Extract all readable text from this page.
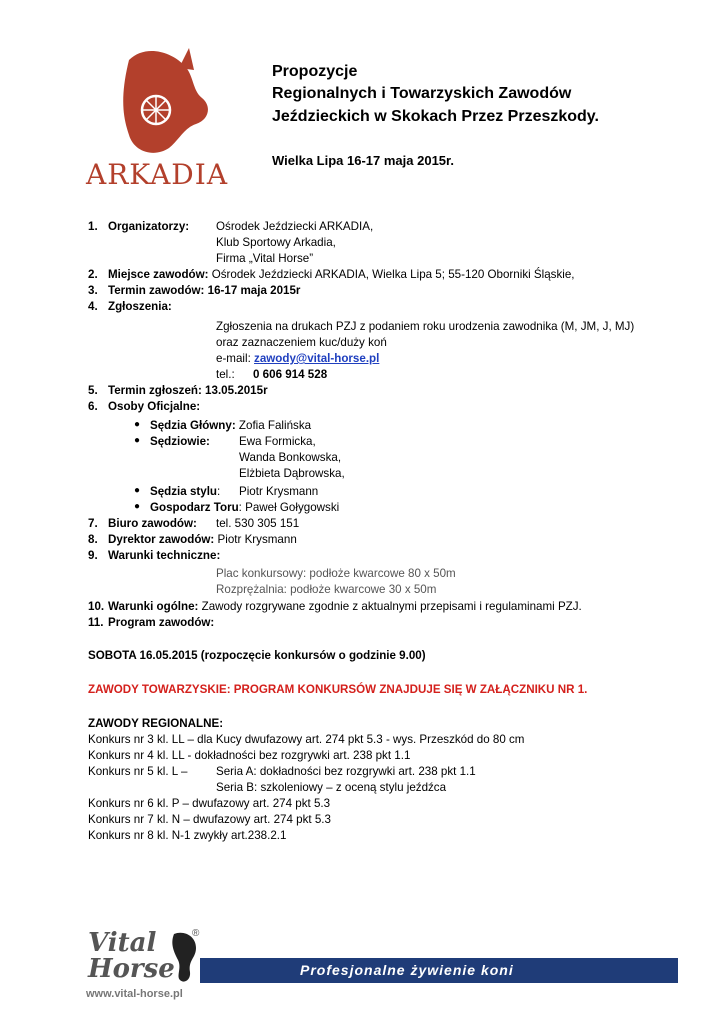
ARKADIA
Propozycje
Regionalnych i Towarzyskich Zawodów
Jeździeckich w Skokach Przez Przeszkody.
Wielka Lipa 16-17 maja 2015r.
1. Organizatorzy: Ośrodek Jeździecki ARKADIA,
Klub Sportowy Arkadia,
Firma „Vital Horse”
2. Miejsce zawodów: Ośrodek Jeździecki ARKADIA, Wielka Lipa 5; 55-120 Oborniki Śląskie,
3. Termin zawodów: 16-17 maja 2015r
4. Zgłoszenia:
Zgłoszenia na drukach PZJ z podaniem roku urodzenia zawodnika (M, JM, J, MJ)
oraz zaznaczeniem kuc/duży koń
e-mail: zawody@vital-horse.pl
tel.: 0 606 914 528
5. Termin zgłoszeń: 13.05.2015r
6. Osoby Oficjalne:
● Sędzia Główny: Zofia Falińska
● Sędziowie:	Ewa Formicka,
Wanda Bonkowska,
Elżbieta Dąbrowska,
● Sędzia stylu: Piotr Krysmann
● Gospodarz Toru: Paweł Gołygowski
7. Biuro zawodów: tel. 530 305 151
8. Dyrektor zawodów: Piotr Krysmann
9. Warunki techniczne:
Plac konkursowy: podłoże kwarcowe 80 x 50m
Rozprężalnia: podłoże kwarcowe 30 x 50m
10. Warunki ogólne: Zawody rozgrywane zgodnie z aktualnymi przepisami i regulaminami PZJ.
11. Program zawodów:
SOBOTA 16.05.2015 (rozpoczęcie konkursów o godzinie 9.00)
ZAWODY TOWARZYSKIE: PROGRAM KONKURSÓW ZNAJDUJE SIĘ W ZAŁĄCZNIKU NR 1.
ZAWODY REGIONALNE:
Konkurs nr 3 kl. LL – dla Kucy dwufazowy art. 274 pkt 5.3 - wys. Przeszkód do 80 cm
Konkurs nr 4 kl. LL - dokładności bez rozgrywki art. 238 pkt 1.1
Konkurs nr 5 kl. L – Seria A: dokładności bez rozgrywki art. 238 pkt 1.1
Seria B: szkoleniowy – z oceną stylu jeźdźca
Konkurs nr 6 kl. P – dwufazowy art. 274 pkt 5.3
Konkurs nr 7 kl. N – dwufazowy art. 274 pkt 5.3
Konkurs nr 8 kl. N-1 zwykły art.238.2.1
Vital
Horse
®
www.vital-horse.pl
Profesjonalne żywienie koni
